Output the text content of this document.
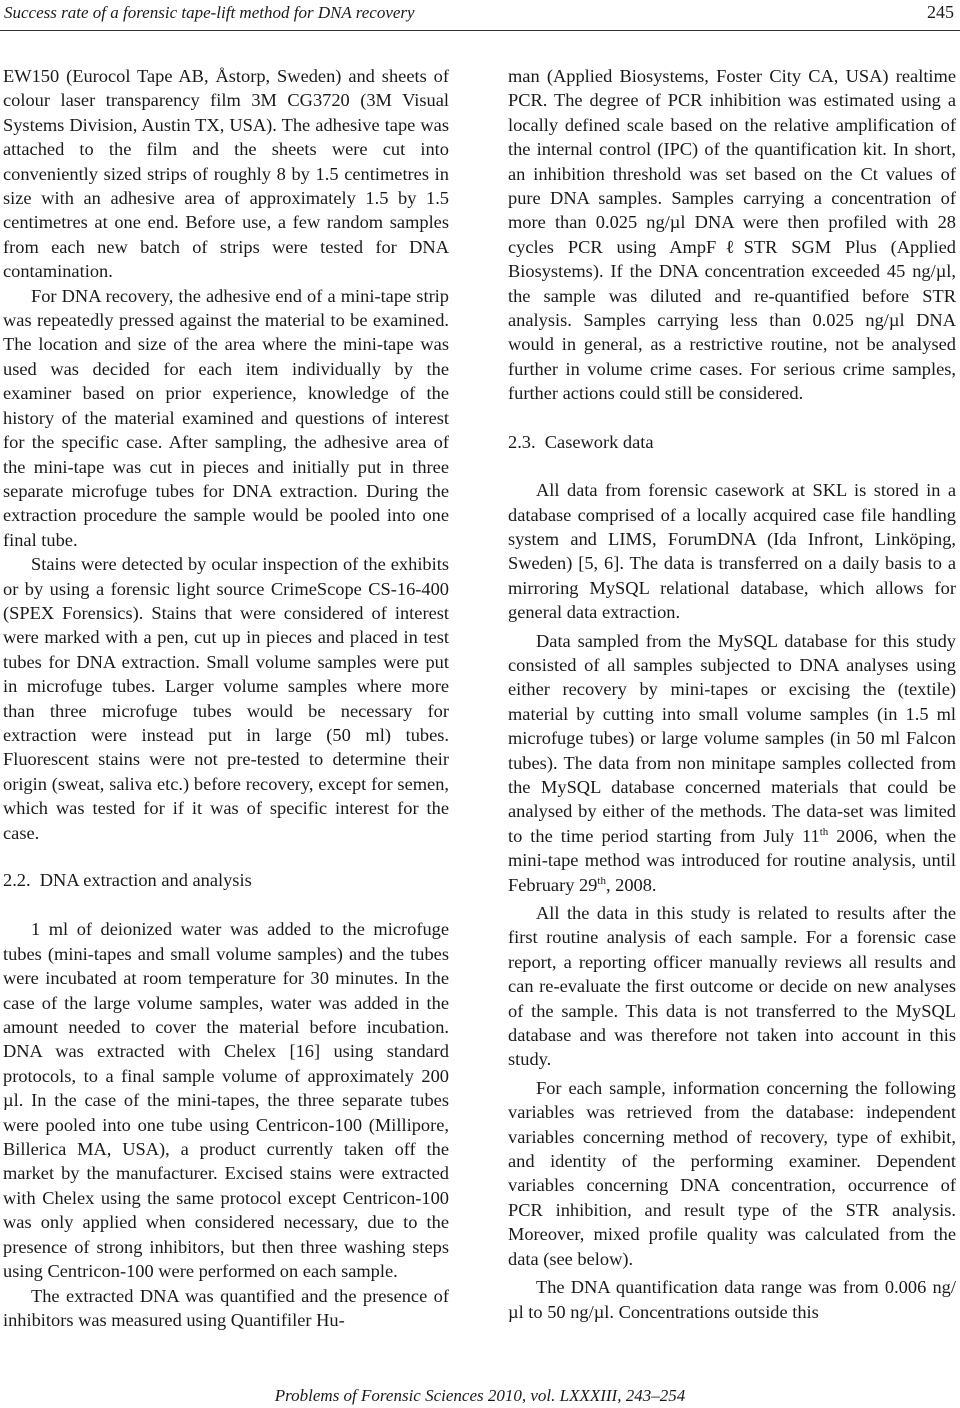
Success rate of a forensic tape-lift method for DNA recovery	245

EW150 (Eurocol Tape AB, Åstorp, Sweden) and sheets of colour laser transparency film 3M CG3720 (3M Visual Systems Division, Austin TX, USA). The adhesive tape was attached to the film and the sheets were cut into conveniently sized strips of roughly 8 by 1.5 centimetres in size with an adhesive area of approximately 1.5 by 1.5 centimetres at one end. Before use, a few random samples from each new batch of strips were tested for DNA contamination.

For DNA recovery, the adhesive end of a mini-tape strip was repeatedly pressed against the material to be examined. The location and size of the area where the mini-tape was used was decided for each item individually by the examiner based on prior experience, knowledge of the history of the material examined and questions of interest for the specific case. After sampling, the adhesive area of the mini-tape was cut in pieces and initially put in three separate microfuge tubes for DNA extraction. During the extraction procedure the sample would be pooled into one final tube.

Stains were detected by ocular inspection of the exhibits or by using a forensic light source CrimeScope CS-16-400 (SPEX Forensics). Stains that were considered of interest were marked with a pen, cut up in pieces and placed in test tubes for DNA extraction. Small volume samples were put in microfuge tubes. Larger volume samples where more than three microfuge tubes would be necessary for extraction were instead put in large (50 ml) tubes. Fluorescent stains were not pre-tested to determine their origin (sweat, saliva etc.) before recovery, except for semen, which was tested for if it was of specific interest for the case.

2.2. DNA extraction and analysis

1 ml of deionized water was added to the microfuge tubes (mini-tapes and small volume samples) and the tubes were incubated at room temperature for 30 minutes. In the case of the large volume samples, water was added in the amount needed to cover the material before incubation. DNA was extracted with Chelex [16] using standard protocols, to a final sample volume of approximately 200 µl. In the case of the mini-tapes, the three separate tubes were pooled into one tube using Centricon-100 (Millipore, Billerica MA, USA), a product currently taken off the market by the manufacturer. Excised stains were extracted with Chelex using the same protocol except Centricon-100 was only applied when considered necessary, due to the presence of strong inhibitors, but then three washing steps using Centricon-100 were performed on each sample.

The extracted DNA was quantified and the presence of inhibitors was measured using Quantifiler Hu-

man (Applied Biosystems, Foster City CA, USA) realtime PCR. The degree of PCR inhibition was estimated using a locally defined scale based on the relative amplification of the internal control (IPC) of the quantification kit. In short, an inhibition threshold was set based on the Ct values of pure DNA samples. Samples carrying a concentration of more than 0.025 ng/µl DNA were then profiled with 28 cycles PCR using AmpFℓSTR SGM Plus (Applied Biosystems). If the DNA concentration exceeded 45 ng/µl, the sample was diluted and re-quantified before STR analysis. Samples carrying less than 0.025 ng/µl DNA would in general, as a restrictive routine, not be analysed further in volume crime cases. For serious crime samples, further actions could still be considered.

2.3. Casework data

All data from forensic casework at SKL is stored in a database comprised of a locally acquired case file handling system and LIMS, ForumDNA (Ida Infront, Linköping, Sweden) [5, 6]. The data is transferred on a daily basis to a mirroring MySQL relational database, which allows for general data extraction.

Data sampled from the MySQL database for this study consisted of all samples subjected to DNA analyses using either recovery by mini-tapes or excising the (textile) material by cutting into small volume samples (in 1.5 ml microfuge tubes) or large volume samples (in 50 ml Falcon tubes). The data from non minitape samples collected from the MySQL database concerned materials that could be analysed by either of the methods. The data-set was limited to the time period starting from July 11th 2006, when the mini-tape method was introduced for routine analysis, until February 29th, 2008.

All the data in this study is related to results after the first routine analysis of each sample. For a forensic case report, a reporting officer manually reviews all results and can re-evaluate the first outcome or decide on new analyses of the sample. This data is not transferred to the MySQL database and was therefore not taken into account in this study.

For each sample, information concerning the following variables was retrieved from the database: independent variables concerning method of recovery, type of exhibit, and identity of the performing examiner. Dependent variables concerning DNA concentration, occurrence of PCR inhibition, and result type of the STR analysis. Moreover, mixed profile quality was calculated from the data (see below).

The DNA quantification data range was from 0.006 ng/µl to 50 ng/µl. Concentrations outside this

Problems of Forensic Sciences 2010, vol. LXXXIII, 243–254
